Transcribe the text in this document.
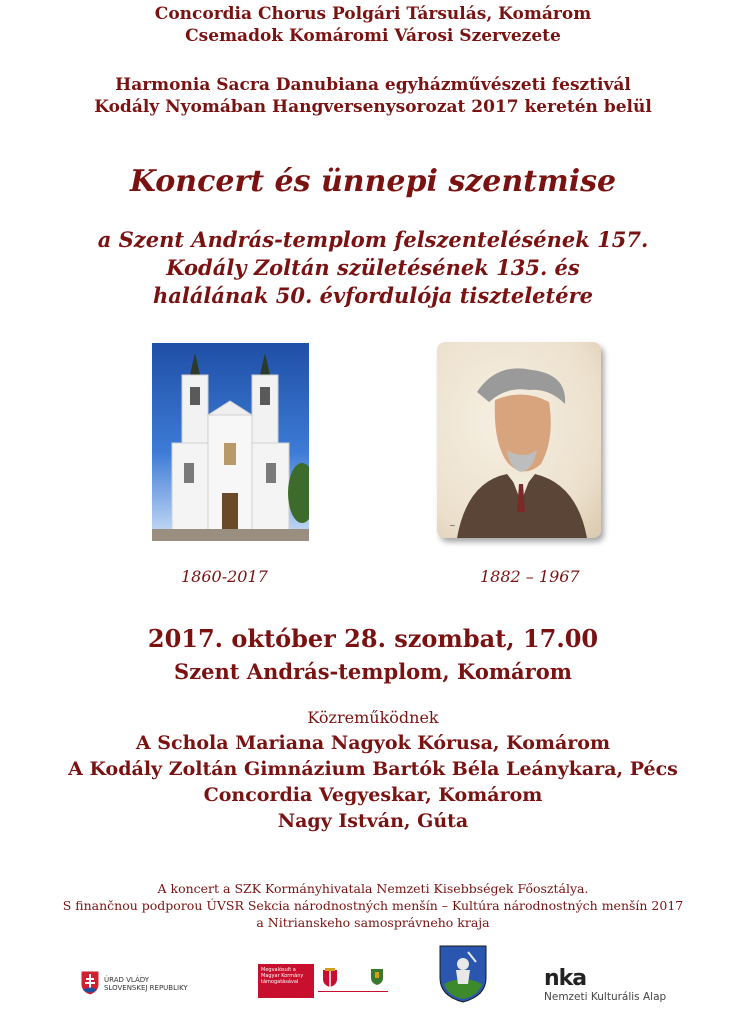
Concordia Chorus Polgári Társulás, Komárom
Csemadok Komáromi Városi Szervezete
Harmonia Sacra Danubiana egyházművészeti fesztivál
Kodály Nyomában Hangversenysorozat 2017 keretén belül
Koncert és ünnepi szentmise
a Szent András-templom felszentelésének 157.
Kodály Zoltán születésének 135. és
halálának 50. évfordulója tiszteletére
~
1860-2017	1882 – 1967
2017. október 28. szombat, 17.00
Szent András-templom, Komárom
Közreműködnek
A Schola Mariana Nagyok Kórusa, Komárom
A Kodály Zoltán Gimnázium Bartók Béla Leánykara, Pécs
Concordia Vegyeskar, Komárom
Nagy István, Gúta
A koncert a SZK Kormányhivatala Nemzeti Kisebbségek Főosztálya.
S finančnou podporou ÚVSR Sekcia národnostných menšín – Kultúra národnostných menšín 2017
a Nitrianskeho samosprávneho kraja
ÚRAD VLÁDY
SLOVENSKEJ REPUBLIKY
Megvalósult a Magyar Kormány támogatásával	nka
Nemzeti Kulturális Alap
